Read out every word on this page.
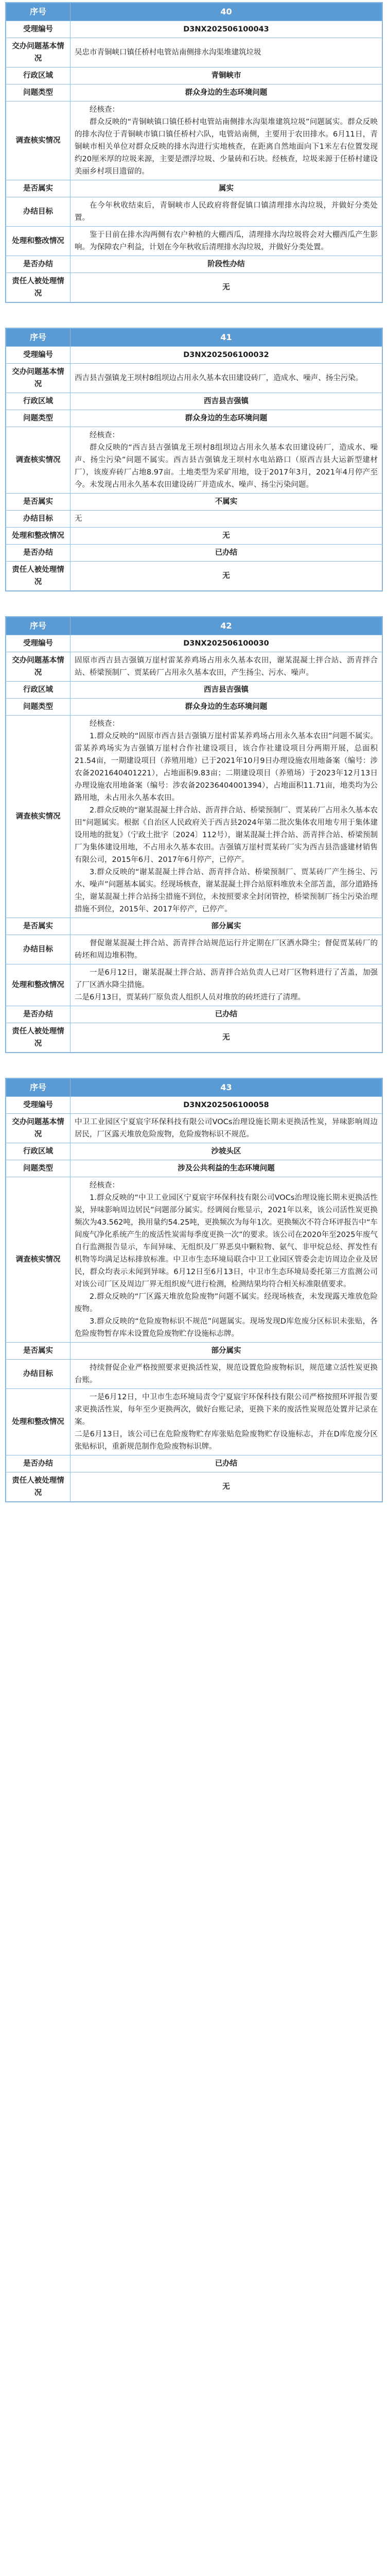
序号	40
受理编号	D3NX202506100043
交办问题基本情况	吴忠市青铜峡口镇任桥村电管站南侧排水沟渠堆建筑垃圾
行政区域	青铜峡市
问题类型	群众身边的生态环境问题
调查核实情况	经核查：

群众反映的“青铜峡镇口镇任桥村电管站南侧排水沟渠堆建筑垃圾”问题属实。群众反映的排水沟位于青铜峡市镇口镇任桥村六队，电管站南侧，主要用于农田排水。6月11日，青铜峡市相关单位对群众反映的排水沟进行实地核查，在距离自然地面向下1米左右位置发现约20厘米厚的垃圾来源，主要是漂浮垃圾、少量砖和石块。经核查，垃圾来源于任桥村建设美丽乡村项目遗留的。

是否属实	属实
办结目标	在今年秋收结束后，青铜峡市人民政府将督促镇口镇清理排水沟垃圾，并做好分类处置。

处理和整改情况	鉴于目前在排水沟两侧有农户种植的大棚西瓜，清理排水沟垃圾将会对大棚西瓜产生影响。为保障农户利益，计划在今年秋收后清理排水沟垃圾，并做好分类处置。

是否办结	阶段性办结
责任人被处理情况	无
序号	41
受理编号	D3NX202506100032
交办问题基本情况	西吉县吉强镇龙王坝村8组坝边占用永久基本农田建设砖厂，造成水、噪声、扬尘污染。
行政区域	西吉县吉强镇
问题类型	群众身边的生态环境问题
调查核实情况	经核查：

群众反映的“西吉县吉强镇龙王坝村8组坝边占用永久基本农田建设砖厂，造成水、噪声、扬尘污染”问题不属实。西吉县吉强镇龙王坝村水电站路口（原西吉县大运新型建材厂），该废弃砖厂占地8.97亩。土地类型为采矿用地，设于2017年3月，2021年4月停产至今。未发现占用永久基本农田建设砖厂并造成水、噪声、扬尘污染问题。

是否属实	不属实
办结目标	无
处理和整改情况	无
是否办结	已办结
责任人被处理情况	无
序号	42
受理编号	D3NX202506100030
交办问题基本情况	固原市西吉县吉强镇万崖村雷某养鸡场占用永久基本农田，谢某混凝土拌合站、沥青拌合站、桥梁预制厂、贾某砖厂占用永久基本农田，产生扬尘、污水、噪声。
行政区域	西吉县吉强镇
问题类型	群众身边的生态环境问题
调查核实情况	经核查：

1.群众反映的“固原市西吉县吉强镇万崖村雷某养鸡场占用永久基本农田”问题不属实。雷某养鸡场实为吉强镇万崖村合作社建设项目，该合作社建设项目分两期开展，总面积21.54亩，一期建设项目（养殖用地）已于2021年10月9日办理设施农用地备案（编号：涉农备2021640401221），占地面积9.83亩；二期建设项目（养殖场）于2023年12月13日办理设施农用地备案（编号：涉农备20236404001394），占地面积11.71亩，地类均为公路用地，未占用永久基本农田。

2.群众反映的“谢某混凝土拌合站、沥青拌合站、桥梁预制厂、贾某砖厂占用永久基本农田”问题属实。根据《自治区人民政府关于西吉县2024年第二批次集体农用地专用于集体建设用地的批复》（宁政土批字〔2024〕112号），谢某混凝土拌合站、沥青拌合站、桥梁预制厂为集体建设用地，不占用永久基本农田。吉强镇万崖村贾某砖厂实为西吉县浩盛建材销售有限公司，2015年6月、2017年6月停产，已停产。

3.群众反映的“谢某混凝土拌合站、沥青拌合站、桥梁预制厂、贾某砖厂产生扬尘、污水、噪声”问题基本属实。经现场核查，谢某混凝土拌合站原料堆放未全部苫盖，部分道路扬尘，谢某混凝土拌合站扬尘措施不到位，未按照要求全封闭管控，桥梁预制厂扬尘污染治理措施不到位，2015年、2017年停产，已停产。

是否属实	部分属实
办结目标	督促谢某混凝土拌合站、沥青拌合站规范运行并定期在厂区洒水降尘；督促贾某砖厂的砖坯和周边堆积物。

处理和整改情况	一是6月12日，谢某混凝土拌合站、沥青拌合站负责人已对厂区物料进行了苫盖，加强了厂区洒水降尘措施。
二是6月13日，贾某砖厂原负责人组织人员对堆放的砖坯进行了清理。

是否办结	已办结
责任人被处理情况	无
序号	43
受理编号	D3NX202506100058
交办问题基本情况	中卫工业园区宁夏宸宇环保科技有限公司VOCs治理设施长期未更换活性炭，异味影响周边居民，厂区露天堆放危险废物，危险废物标识不规范。
行政区域	沙坡头区
问题类型	涉及公共利益的生态环境问题
调查核实情况	经核查：

1.群众反映的“中卫工业园区宁夏宸宇环保科技有限公司VOCs治理设施长期未更换活性炭，异味影响周边居民”问题部分属实。经调阅台账显示，2021年以来，该公司活性炭更换频次为43.562吨，换用量约54.25吨，更换频次为每年1次。更换频次不符合环评报告中“车间废气净化系统产生的废活性炭需每季度更换一次”的要求。该公司在2020年至2025年废气自行监测报告显示，车间异味、无组织及厂界恶臭中颗粒物、氨气、非甲烷总烃、挥发性有机物等均满足达标排放标准。中卫市生态环境局联合中卫工业园区管委会走访周边企业及居民，群众均表示未闻到异味。6月12日至6月13日，中卫市生态环境局委托第三方监测公司对该公司厂区及周边厂界无组织废气进行检测，检测结果均符合相关标准限值要求。

2.群众反映的“厂区露天堆放危险废物”问题不属实。经现场核查，未发现露天堆放危险废物。

3.群众反映的“危险废物标识不规范”问题属实。现场发现D库危废分区标识未张贴，各危险废物暂存库未设置危险废物贮存设施标志牌。

是否属实	部分属实
办结目标	持续督促企业严格按照要求更换活性炭，规范设置危险废物标识，规范建立活性炭更换台账。

处理和整改情况	一是6月12日，中卫市生态环境局责令宁夏宸宇环保科技有限公司严格按照环评报告要求更换活性炭，每年至少更换两次，做好台账记录，更换下来的废活性炭规范处置并记录在案。
二是6月13日，该公司已在危险废物贮存库张贴危险废物贮存设施标志，并在D库危废分区张贴标识，重新规范制作危险废物标识牌。

是否办结	已办结
责任人被处理情况	无
